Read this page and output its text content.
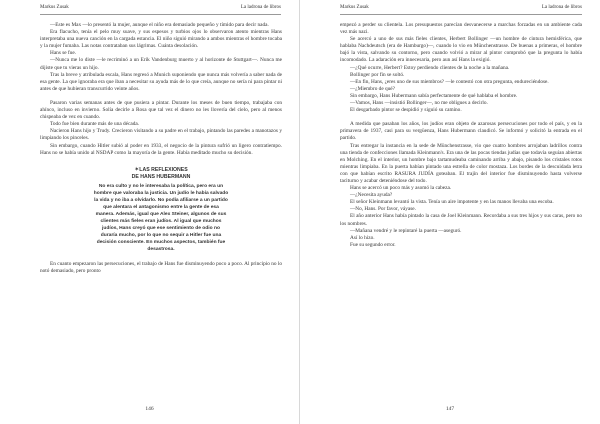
Markus Zusak	La ladrona de libros

—Este es Max —lo presentó la mujer, aunque el niño era demasiado pequeño y tímido para decir nada.

Era flacucho, tenía el pelo muy suave, y sus espesos y turbios ojos lo observaron atento mientras Hans interpretaba una nueva canción en la cargada estancia. El niño siguió mirando a ambos mientras el hombre tocaba y la mujer fumaba. Las notas contrataban sus lágrimas. Cuánta desolación.

Hans se fue.

—Nunca me lo diste —le recriminó a un Erik Vandenburg muerto y al horizonte de Stuttgart—. Nunca me dijiste que tu vieras un hijo.

Tras la breve y atribulada escala, Hans regresó a Munich suponiendo que nunca más volvería a saber nada de esa gente. La que ignoraba era que iban a necesitar su ayuda más de lo que creía, aunque no sería ni para pintar ni antes de que hubieran transcurrido veinte años.

Pasaron varias semanas antes de que pusiera a pintar. Durante los meses de buen tiempo, trabajaba con ahínco, incluso en invierno. Solía decirle a Rosa que tal vez el dinero no les llovería del cielo, pero al menos chispeaba de vez en cuando.

Todo fue bien durante más de una década.

Nacieron Hans hijo y Trudy. Crecieron visitando a su padre en el trabajo, pintando las paredes a manotazos y limpiando los pinceles.

Sin embargo, cuando Hitler subió al poder en 1933, el negocio de la pintura sufrió un ligero contratiempo. Hans no se había unido al NSDAP como la mayoría de la gente. Había meditado mucho su decisión.

✶LAS REFLEXIONES
DE HANS HUBERMANN
No era culto y no le interesaba la política, pero era un hombre que valoraba la justicia. Un judío le había salvado la vida y no iba a olvidarlo. No podía afiliarse a un partido que alentara el antagonismo entre la gente de esa manera. Además, igual que Alex Steiner, algunos de sus clientes más fieles eran judíos. Al igual que muchos judíos, Hans creyó que ese sentimiento de odio no duraría mucho, por lo que no sequir a Hitler fue una decisión consciente. En muchos aspectos, también fue desastrosa.

En cuanto empezaron las persecuciones, el trabajo de Hans fue disminuyendo poco a poco. Al principio no lo notó demasiado, pero pronto

146
Markus Zusak	La ladrona de libros

empezó a perder su clientela. Los presupuestos parecían desvanecerse a marchas forzadas en un ambiente cada vez más nazi.

Se acercó a uno de sus más fieles clientes, Herbert Bollinger —un hombre de cintura hemisférica, que hablaba Nachdeutsch (era de Hamburgo)—, cuando lo vio en Münchenstrasse. De buenas a primeras, el hombre bajó la vista, salvando su contorno, pero cuando volvió a mirar al pintor comprobó que la pregunta lo había incomodado. La adaración era innecesaria, pero aun así Hans la exigió.

—¿Qué ocurre, Herbert? Estoy perdiendo clientes de la noche a la mañana.

Bollinger por fin se soltó.

—En fin, Hans, ¿eres uno de sus miembros? —le contestó con otra pregunta, endureciéndose.

—¿Miembro de qué?

Sin embargo, Hans Hubermann sabía perfectamente de qué hablaba el hombre.

—Vamos, Hans —insistió Bollinger—, no me obligues a decirlo.

El desgarbado pintor se despidió y siguió su camino.

A medida que pasaban los años, los judíos eran objeto de azarosas persecuciones por todo el país, y en la primavera de 1937, casi para su vergüenza, Hans Hubermann claudicó. Se informó y solicitó la entrada en el partido.

Tras entregar la instancia en la sede de Münchenstrasse, vio que cuatro hombres arrojaban ladrillos contra una tienda de confecciones llamada Kleinmann's. Era una de las pocas tiendas judías que todavía seguían abiertas en Molching. En el interior, un hombre bajo tartamudeaba caminando arriba y abajo, pisando los cristales rotos mientras limpiaba. En la puerta habían pintado una estrella de color mostaza. Los bordes de la descuidada letra con que habían escrito RASURA JUDÍA goteaban. El trajín del interior fue disminuyendo hasta volverse taciturno y acabar deteniéndose del todo.

Hans se acercó un poco más y asomó la cabeza.

—¿Necesita ayuda?

El señor Kleinmann levantó la vista. Tenía un aire impotente y en las manos llevaba una escoba.

—No, Hans. Por favor, váyase.

El año anterior Hans había pintado la casa de Joel Kleinmann. Recordaba a sus tres hijos y sus caras, pero no los nombres.

—Mañana vendré y le repintaré la puerta —aseguró.

Así lo hizo.

Fue su segundo error.

147
